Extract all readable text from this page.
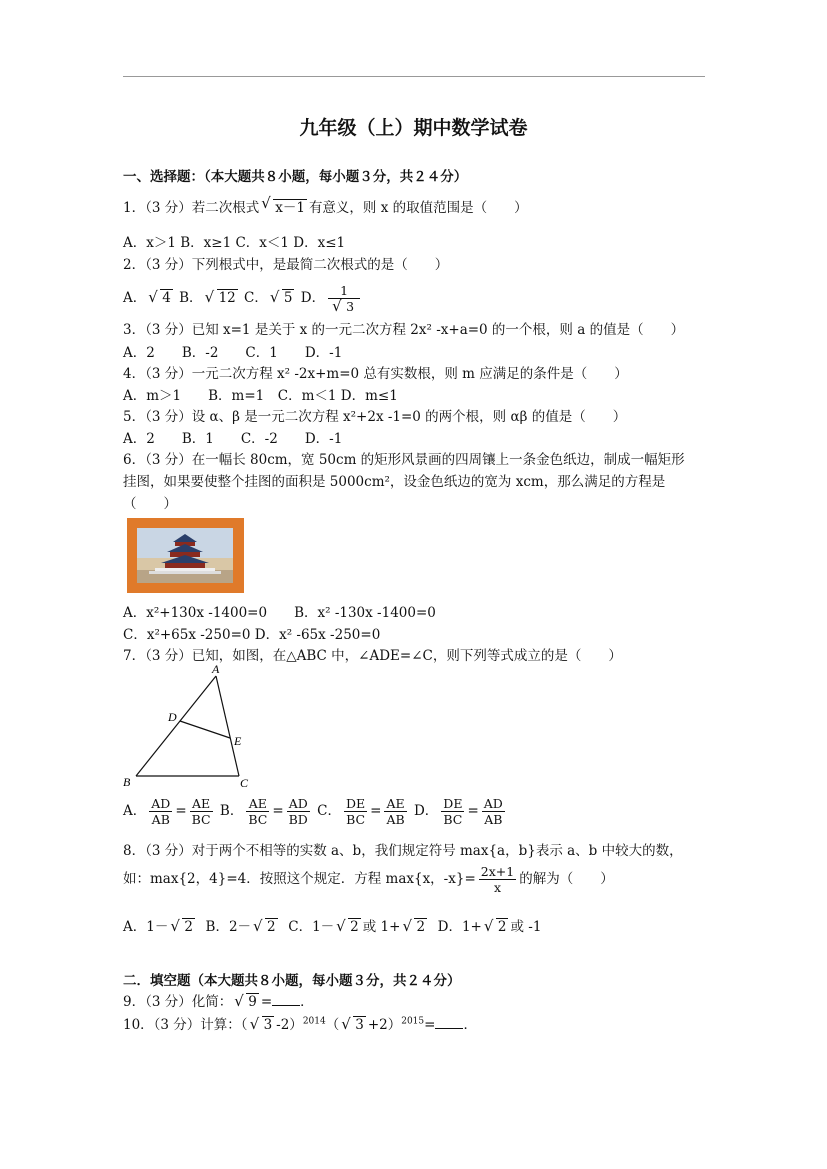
九年级（上）期中数学试卷
一、选择题：（本大题共８小题，每小题３分，共２４分）
1．（3 分）若二次根式 √ x－1 有意义，则 x 的取值范围是（　　）
A．x＞1 B．x≥1 C．x＜1 D．x≤1
2．（3 分）下列根式中，是最简二次根式的是（　　）
A． √ 4 B． √ 12 C． √ 5 D． 1
√ 3
3．（3 分）已知 x=1 是关于 x 的一元二次方程 2x² -x+a=0 的一个根，则 a 的值是（　　）
A．2　　B．-2　　C．1　　D．-1
4．（3 分）一元二次方程 x² -2x+m=0 总有实数根，则 m 应满足的条件是（　　）
A．m＞1　　B．m=1　C．m＜1 D．m≤1
5．（3 分）设 α、β 是一元二次方程 x²+2x -1=0 的两个根，则 αβ 的值是（　　）
A．2　　B．1　　C．-2　　D．-1
6．（3 分）在一幅长 80cm，宽 50cm 的矩形风景画的四周镶上一条金色纸边，制成一幅矩形
挂图，如果要使整个挂图的面积是 5000cm²，设金色纸边的宽为 xcm，那么满足的方程是
（　　）
A．x²+130x -1400=0　　B．x² -130x -1400=0
C．x²+65x -250=0 D．x² -65x -250=0
7．（3 分）已知，如图，在△ABC 中，∠ADE=∠C，则下列等式成立的是（　　）
A
D
E
B	C
A． $\frac{AD}{AB} = \frac{AE}{BC}$ B． $\frac{AE}{BC} = \frac{AD}{BD}$ C． $\frac{DE}{BC} = \frac{AE}{AB}$ D． $\frac{DE}{BC} = \frac{AD}{AB}$
8．（3 分）对于两个不相等的实数 a、b，我们规定符号 max{a，b}表示 a、b 中较大的数，
如：max{2，4}=4．按照这个规定．方程 max{x，$-x\}= \frac{2x+1}{x}$ 的解为（　　）
A．1－ √ 2 B．2－ √ 2 C．1－ √ 2 或 1+ √ 2 D．1+ √ 2 或 -1
二．填空题（本大题共８小题，每小题３分，共２４分）
9．（3 分）化简： √ 9 = ．
10．（3 分）计算：（ √ 3 -2）$^{2014}$（ √ 3 +2）$^{2015}$= ．
